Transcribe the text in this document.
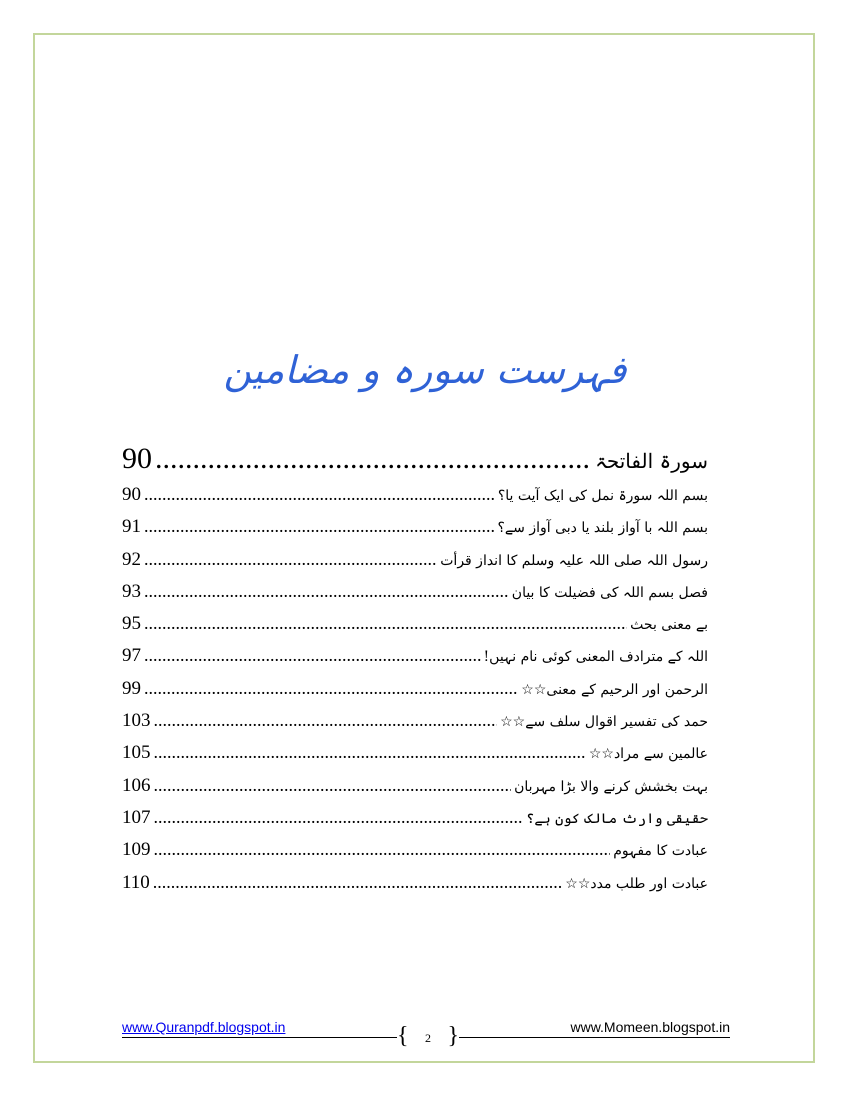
فہرست سورہ و مضامین
سورۃ الفاتحۃ
.....
90
بسم اللہ سورۃ نمل کی ایک آیت یا؟
.....
90
بسم اللہ با آواز بلند یا دبی آواز سے؟
.....
91
رسول اللہ صلی اللہ علیہ وسلم کا انداز قرأت
.....
92
فصل بسم اللہ کی فضیلت کا بیان
.....
93
بے معنی بحث
.....
95
اللہ کے مترادف المعنی کوئی نام نہیں!
.....
97
الرحمن اور الرحیم کے معنی☆☆
.....
99
حمد کی تفسیر اقوال سلف سے☆☆
.....
103
عالمین سے مراد☆☆
.....
105
بہت بخشش کرنے والا بڑا مہربان
.....
106
حقیقی وارث مالک کون ہے؟
.....
107
عبادت کا مفہوم
.....
109
عبادت اور طلب مدد☆☆
.....
110
www.Quranpdf.blogspot.in
{ 2 }
www.Momeen.blogspot.in
